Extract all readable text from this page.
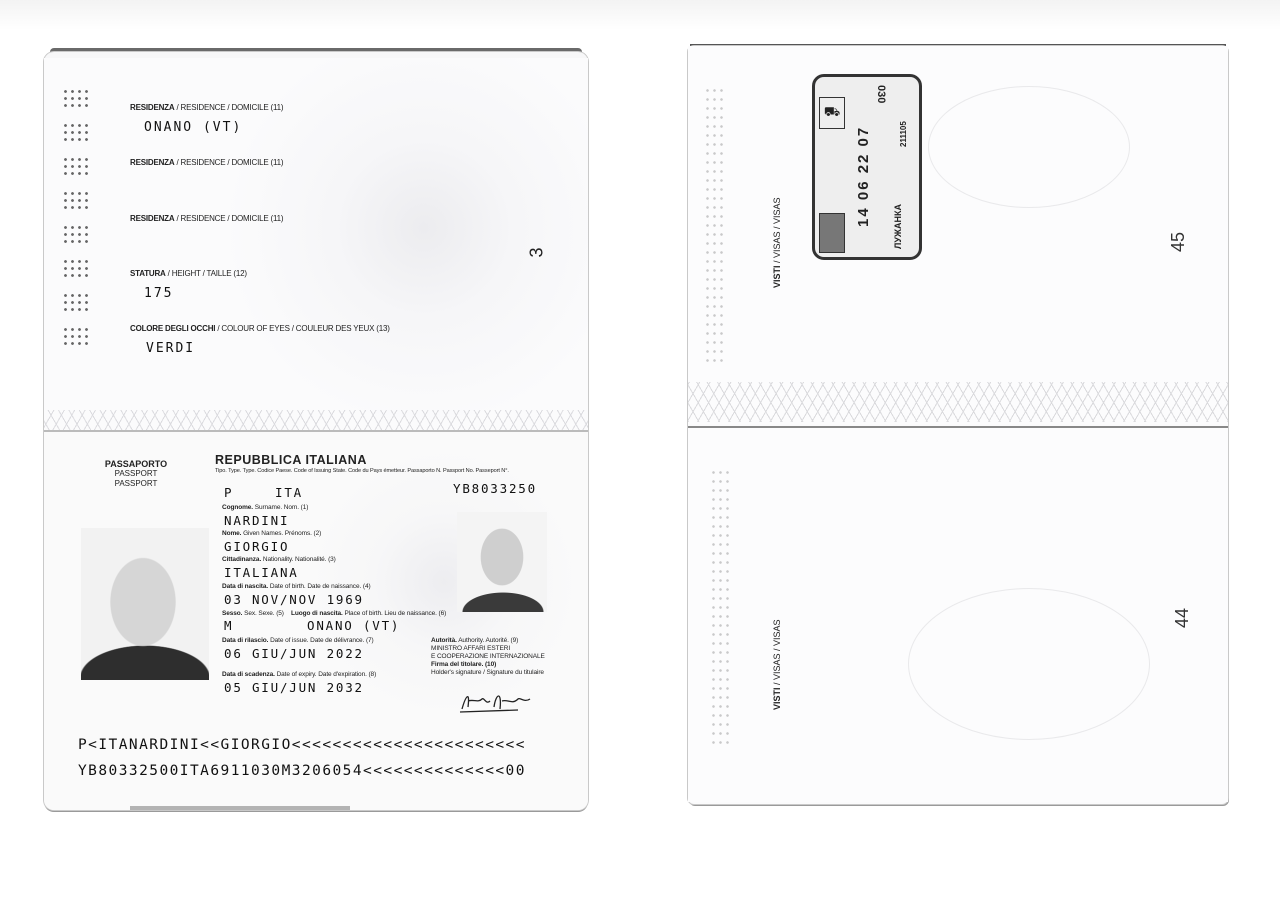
RESIDENZA / RESIDENCE / DOMICILE (11)
ONANO (VT)
RESIDENZA / RESIDENCE / DOMICILE (11)
RESIDENZA / RESIDENCE / DOMICILE (11)
STATURA / HEIGHT / TAILLE (12)
175
COLORE DEGLI OCCHI / COLOUR OF EYES / COULEUR DES YEUX (13)
VERDI
3
PASSAPORTO
PASSPORT
PASSPORT
REPUBBLICA ITALIANA
Tipo. Type. Type. Codice Paese. Code of Issuing State. Code du Pays émetteur. Passaporto N. Passport No. Passeport N°.
P	ITA	YB8033250
Cognome. Surname. Nom. (1)
NARDINI
Nome. Given Names. Prénoms. (2)
GIORGIO
Cittadinanza. Nationality. Nationalité. (3)
ITALIANA
Data di nascita. Date of birth. Date de naissance. (4)
03 NOV/NOV 1969
Sesso. Sex. Sexe. (5) Luogo di nascita. Place of birth. Lieu de naissance. (6)
M	ONANO (VT)
Data di rilascio. Date of issue. Date de délivrance. (7)
06 GIU/JUN 2022
Autorità. Authority. Autorité. (9)
MINISTRO AFFARI ESTERI
E COOPERAZIONE INTERNAZIONALE
Firma del titolare. (10)
Holder's signature / Signature du titulaire
Data di scadenza. Date of expiry. Date d'expiration. (8)
05 GIU/JUN 2032
P<ITANARDINI<<GIORGIO<<<<<<<<<<<<<<<<<<<<<<<
YB80332500ITA6911030M3206054<<<<<<<<<<<<<<00
VISTI / VISAS / VISAS
⛟
030
14 06 22 07	211105
ЛУЖАНКА	45
VISTI / VISAS / VISAS
44
